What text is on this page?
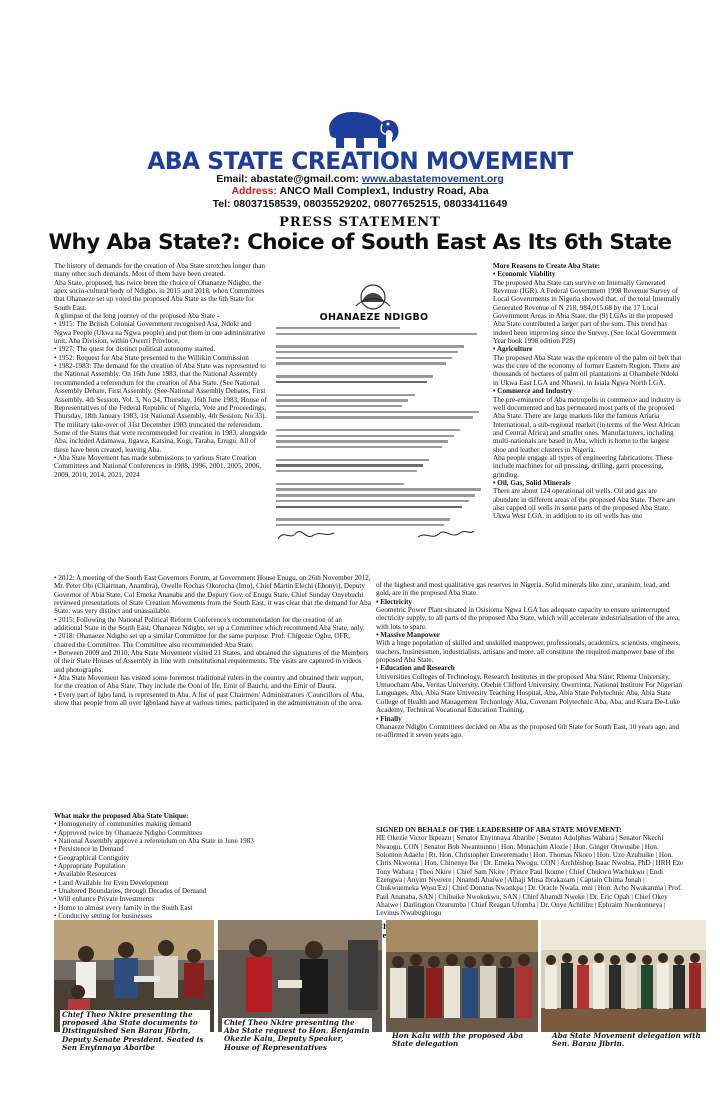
ABA STATE CREATION MOVEMENT
Email: abastate@gmail.com: www.abastatemovement.org
Address: ANCO Mall Complex1, Industry Road, Aba
Tel: 08037158539, 08035529202, 08077652515, 08033411649
PRESS STATEMENT
Why Aba State?: Choice of South East As Its 6th State

The history of demands for the creation of Aba State stretches longer than many other such demands. Most of them have been created.

Aba State, proposed, has twice been the choice of Ohanaeze Ndigbo, the apex socio-cultural body of Ndigbo, in 2015 and 2018, when Committees that Ohanaeze set up voted the proposed Aba State as the 6th State for South East.

A glimpse of the long journey of the proposed Aba State -

• 1915: The British Colonial Government recognised Asa, Ndoki and Ngwa People (Ukwa na Ngwa people) and put them in one administrative unit, Aba Division, within Owerri Province.

• 1927: The quest for distinct political autonomy started.

• 1952: Request for Aba State presented to the Willikin Commission

• 1982-1983: The demand for the creation of Aba State was represented to the National Assembly. On 16th June 1983, that the National Assembly recommended a referendum for the creation of Aba State. (See National Assembly Debate, First Assembly. (See-National Assembly Debates, First Assembly, 4th Session, Vol. 3, No 24, Thursday, 16th June 1983, House of Representatives of the Federal Republic of Nigeria, Vote and Proceedings, Thursday, 18th January 1983, 1st National Assembly, 4th Session, No 33). The military take-over of 31st December 1983 truncated the referendum. Some of the States that were recommended for creation in 1983, alongside Aba, included Adamawa, Jigawa, Katsina, Kogi, Taraba, Enugu. All of these have been created, leaving Aba.

• Aba State Movement has made submissions to various State Creation Committees and National Conferences in 1988, 1996, 2001, 2005, 2006, 2009, 2010, 2014, 2021, 2024

OHANAEZE NDIGBO

• 2012: A meeting of the South East Governors Forum, at Government House Enugu, on 26th November 2012, Mr. Peter Obi (Chairman, Anambra), Owelle Rochas Okorocha (Imo), Chief Martin Elechi (Ebonyi), Deputy Governor of Abia State, Col Emeka Ananaba and the Deputy Gov. of Enugu State, Chief Sunday Onyebuchi reviewed presentations of State Creation Movements from the South East, it was clear that the demand for Aba State, was very distinct and unassailable.

• 2015: Following the National Political Reform Conference's recommendation for the creation of an additional State in the South East, Ohanaeze Ndigbo, set up a Committee which recommend Aba State, only.

• 2018: Ohanaeze Ndigbo set up a similar Committee for the same purpose. Prof. Chigozie Ogbu, OFR, chaired the Committee. The Committee also recommended Aba State.

• Between 2009 and 2010, Aba State Movement visited 21 States, and obtained the signatures of the Members of their State Houses of Assembly in line with constitutional requirements. The visits are captured in videos and photographs.

• Aba State Movement has visited some foremost traditional rulers in the country and obtained their support, for the creation of Aba State. They include the Ooni of Ife, Emir of Bauchi, and the Emir of Daura.

• Every part of Igbo land, is represented in Aba. A list of past Chairmen/ Administrators /Councillors of Aba, show that people from all over Igboland have at various times, participated in the administration of the area.

What make the proposed Aba State Unique:

• Homogeneity of communities making demand

• Approved twice by Ohanaeze Ndigbo Committees

• National Assembly approve a referendum on Aba State in June 1983

• Persistence in Demand

• Geographical Contiguity

• Appropriate Population

• Available Resources

• Land Available for Even Development

• Unaltered Boundaries, through Decades of Demand

• Will enhance Private Investments

• Home to almost every family in the South East

• Conducive setting for businesses

More Reasons to Create Aba State:

• Economic Viability

The proposed Aba State can survive on Internally Generated Revenue (IGR). A Federal Government 1998 Revenue Survey of Local Governments in Nigeria showed that, of the total Internally Generated Revenue of N 218, 984,015.68 by the 17 Local Government Areas in Abia State, the (9) LGAs in the proposed Aba State contributed a larger part of the sum. This trend has indeed been improving since the Survey. (See local Government Year book 1998 edition P28)

• Agriculture

The proposed Aba State was the epicentre of the palm oil belt that was the core of the economy of former Eastern Region. There are thousands of hectares of palm oil plantations at Ohambele Ndoki in Ukwa East LGA and Nbawsi, in Isiala Ngwa North LGA.

• Commerce and Industry

The pre-eminence of Aba metropolis in commerce and industry is well documented and has permeated most parts of the proposed Aba State. There are large markets like the famous Ariaria International, a sub-regional market (in terms of the West African and Central Africa) and smaller ones. Manufacturers, including multi-nationals are based in Aba, which is home to the largest shoe and leather clusters in Nigeria.

Aba people engage all types of engineering fabrications. These include machines for oil pressing, drilling, garri processing, grinding.

• Oil, Gas, Solid Minerals

There are about 124 operational oil wells. Oil and gas are abundant in different areas of the proposed Aba State. There are also capped oil wells in some parts of the proposed Aba State.

Ukwa West LGA, in addition to its oil wells has one

of the highest and most qualitative gas reserves in Nigeria. Solid minerals like zinc, uranium, lead, and gold, are in the proposed Aba State.

• Electricity

Geometric Power Plant situated in Osisioma Ngwa LGA has adequate capacity to ensure uninterrupted electricity supply, to all parts of the proposed Aba State, which will accelerate industrialisation of the area, with lots to spare.

• Massive Manpower

With a huge population of skilled and unskilled manpower, professionals, academics, scientists, engineers, teachers, businessmen, industrialists, artisans and more, all constitute the required manpower base of the proposed Aba State.

• Education and Research

Universities Colleges of Technology, Research Institutes in the proposed Aba State: Rhema University, Umuocham Aba, Veritas University, Obehie Clifford University, Owerrinta, National Institute For Nigerian Languages, Aba, Abia State University Teaching Hospital, Aba, Abia State Polytechnic Aba, Abia State College of Health and Management Technology Aba, Covenant Polytechnic Aba, Aba, and Kiara De-Luke Academy, Technical Vocational Education Training.

• Finally

Ohanaeze Ndigbo Committees decided on Aba as the proposed 6th State for South East, 10 years ago, and re-affirmed it seven years ago.

SIGNED ON BEHALF OF THE LEADERSHIP OF ABA STATE MOVEMENT:

HE Okezie Victor Ikpeazu | Senator Enyinnaya Abaribe | Senator Adolphus Wabara | Senator Nkechi Nwaogu, CON | Senator Bob Nwannunnu | Hon. Munachim Alozie | Hon. Ginger Onwusibe | Hon. Solomon Adaelu | Rt. Hon. Christopher Enweremadu | Hon. Thomas Nkoro | Hon. Uzo Azubuike | Hon. Chris Nkwonta | Hon. Chinenye Ike | Dr. Emeka Nwogu, CON | Archbishop Isaac Nwobia, PhD | HRH Eze Tony Wabara | Theo Nkire | Chief Sam Nkire | Prince Paul Ikonne | Chief Chukwu Wachukwu | Endi Ezengwa | Anyim Nyerere | Nnamdi Ahaiwe | Alhaji Musa Ibrakazam | Captain Chima Jonah | Chukwuemeka Wosu'Ezi | Chief Donatus Nwankpa | Dr. Oracle Nwala, mni | Hon. Acho Nwakanma | Prof. Paul Ananaba, SAN | Chibuike Nwokukwu, SAN | Chief Ahamdi Nweke | Dr. Eric Opah | Chief Okey Ahaiwe | Darlington Ozurumba | Chief Reagan Ufomba | Dr. Onye Achilihu | Ephraim Nwokonneya | Levinus Nwabughiogu

Chief Theo Nkire presenting the proposed Aba State documents to Distinguished Sen Barau Jibrin, Deputy Senate President. Seated is Sen Enyinnaya Abaribe
Chief Theo Nkire presenting the Aba State request to Hon. Benjamin Okezie Kalu, Deputy Speaker, House of Representatives
Hon Kalu with the proposed Aba State delegation
Aba State Movement delegation with Sen. Barau Jibrin.
